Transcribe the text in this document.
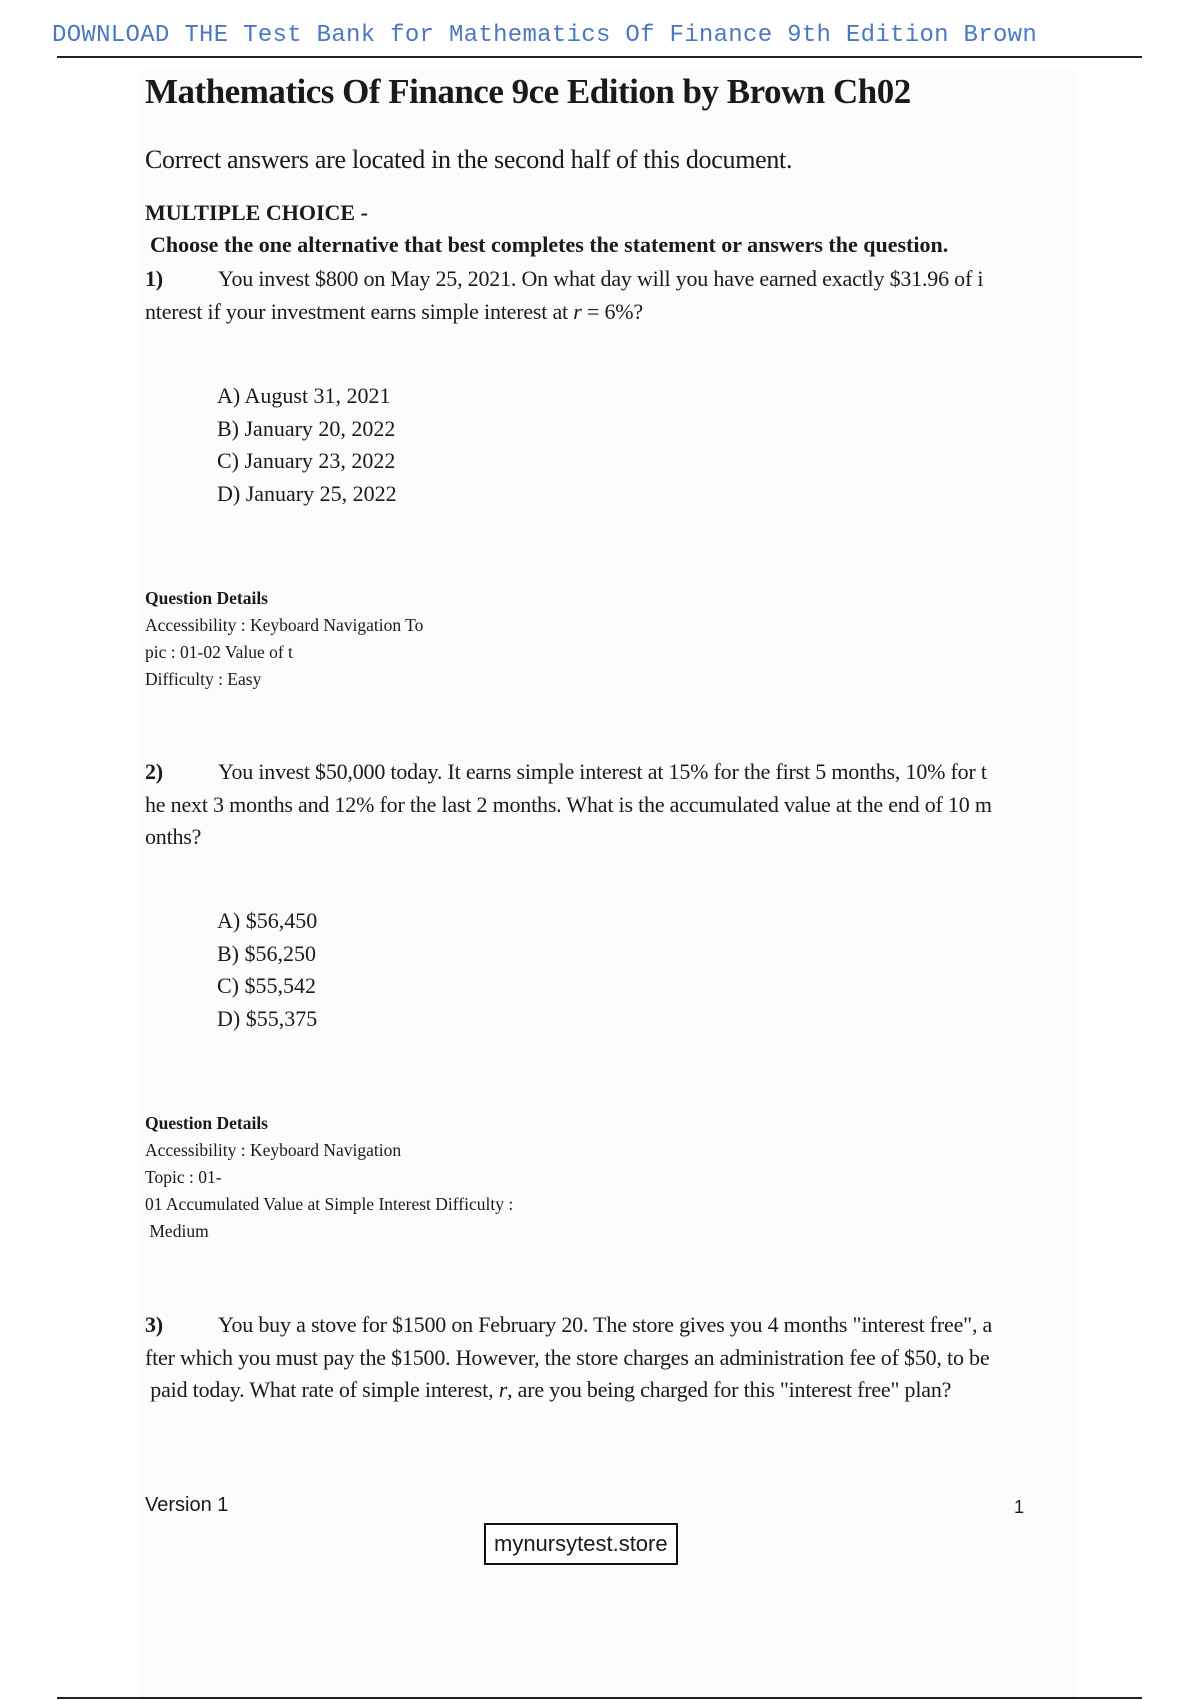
DOWNLOAD THE Test Bank for Mathematics Of Finance 9th Edition Brown
Mathematics Of Finance 9ce Edition by Brown Ch02
Correct answers are located in the second half of this document.
MULTIPLE CHOICE -
Choose the one alternative that best completes the statement or answers the question.
1)	You invest $800 on May 25, 2021. On what day will you have earned exactly $31.96 of i
nterest if your investment earns simple interest at r = 6%?
A) August 31, 2021
B) January 20, 2022
C) January 23, 2022
D) January 25, 2022
Question Details
Accessibility : Keyboard Navigation To
pic : 01-02 Value of t
Difficulty : Easy
2)	You invest $50,000 today. It earns simple interest at 15% for the first 5 months, 10% for t
he next 3 months and 12% for the last 2 months. What is the accumulated value at the end of 10 m
onths?
A) $56,450
B) $56,250
C) $55,542
D) $55,375
Question Details
Accessibility : Keyboard Navigation
Topic : 01-
01 Accumulated Value at Simple Interest Difficulty :
Medium
3)	You buy a stove for $1500 on February 20. The store gives you 4 months "interest free", a
fter which you must pay the $1500. However, the store charges an administration fee of $50, to be
paid today. What rate of simple interest, r, are you being charged for this "interest free" plan?
Version 1	1
mynursytest.store
